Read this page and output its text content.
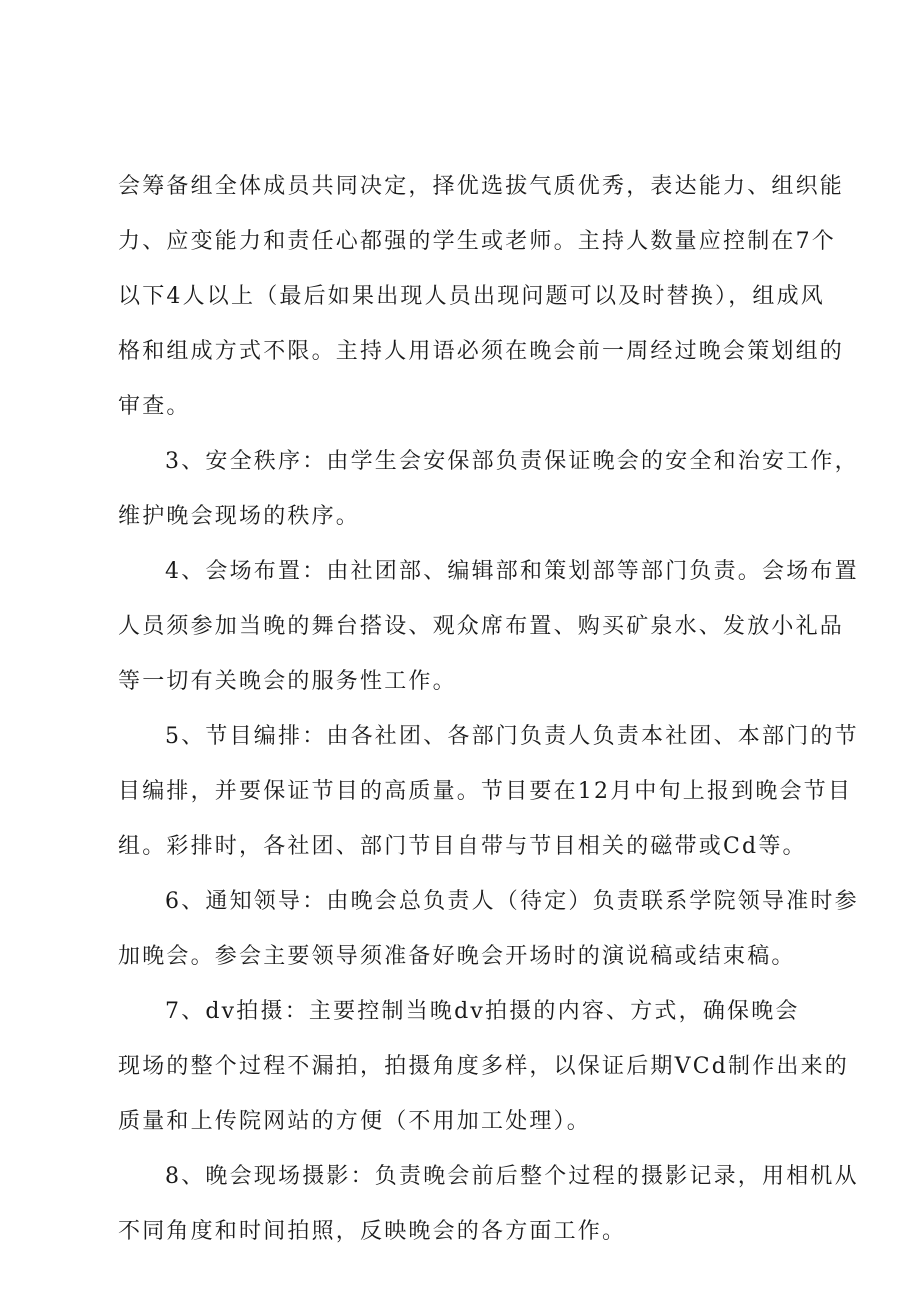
会筹备组全体成员共同决定，择优选拔气质优秀，表达能力、组织能
力、应变能力和责任心都强的学生或老师。主持人数量应控制在7个
以下4人以上（最后如果出现人员出现问题可以及时替换），组成风
格和组成方式不限。主持人用语必须在晚会前一周经过晚会策划组的
审查。
3、安全秩序：由学生会安保部负责保证晚会的安全和治安工作，
维护晚会现场的秩序。
4、会场布置：由社团部、编辑部和策划部等部门负责。会场布置
人员须参加当晚的舞台搭设、观众席布置、购买矿泉水、发放小礼品
等一切有关晚会的服务性工作。
5、节目编排：由各社团、各部门负责人负责本社团、本部门的节
目编排，并要保证节目的高质量。节目要在12月中旬上报到晚会节目
组。彩排时，各社团、部门节目自带与节目相关的磁带或Cd等。
6、通知领导：由晚会总负责人（待定）负责联系学院领导准时参
加晚会。参会主要领导须准备好晚会开场时的演说稿或结束稿。
7、dv拍摄：主要控制当晚dv拍摄的内容、方式，确保晚会
现场的整个过程不漏拍，拍摄角度多样，以保证后期VCd制作出来的
质量和上传院网站的方便（不用加工处理）。
8、晚会现场摄影：负责晚会前后整个过程的摄影记录，用相机从
不同角度和时间拍照，反映晚会的各方面工作。
